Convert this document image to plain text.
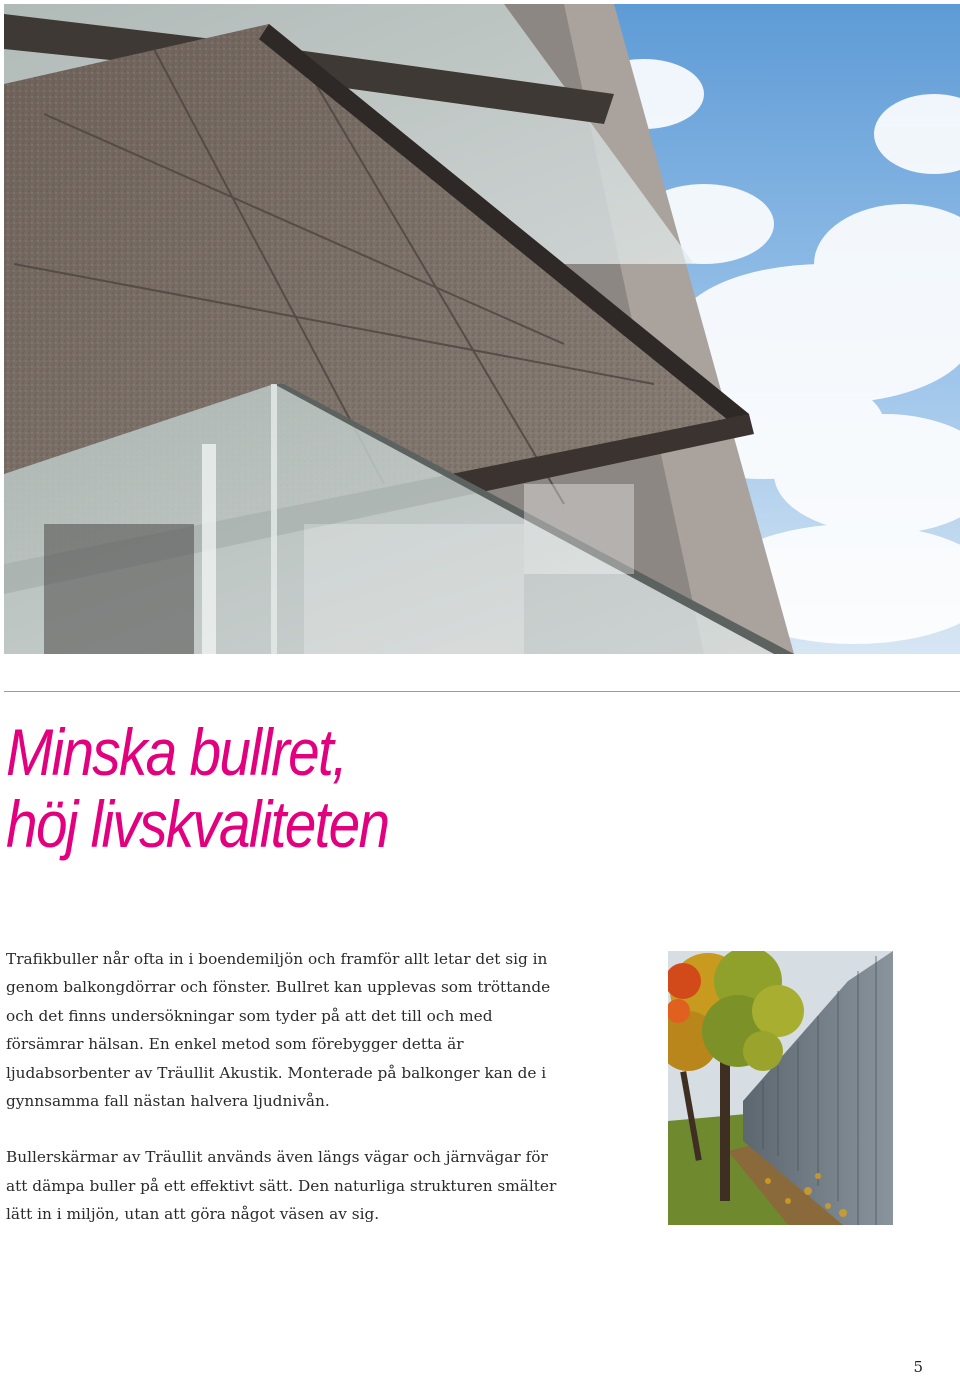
Minska bullret,
höj livskvaliteten

Trafikbuller når ofta in i boendemiljön och framför allt letar det sig in genom balkongdörrar och fönster. Bullret kan upplevas som tröttande och det finns undersökningar som tyder på att det till och med försämrar hälsan. En enkel metod som förebygger detta är ljudabsorbenter av Träullit Akustik. Monterade på balkonger kan de i gynnsamma fall nästan halvera ljudnivån.

Bullerskärmar av Träullit används även längs vägar och järnvägar för att dämpa buller på ett effektivt sätt. Den naturliga strukturen smälter lätt in i miljön, utan att göra något väsen av sig.

5
